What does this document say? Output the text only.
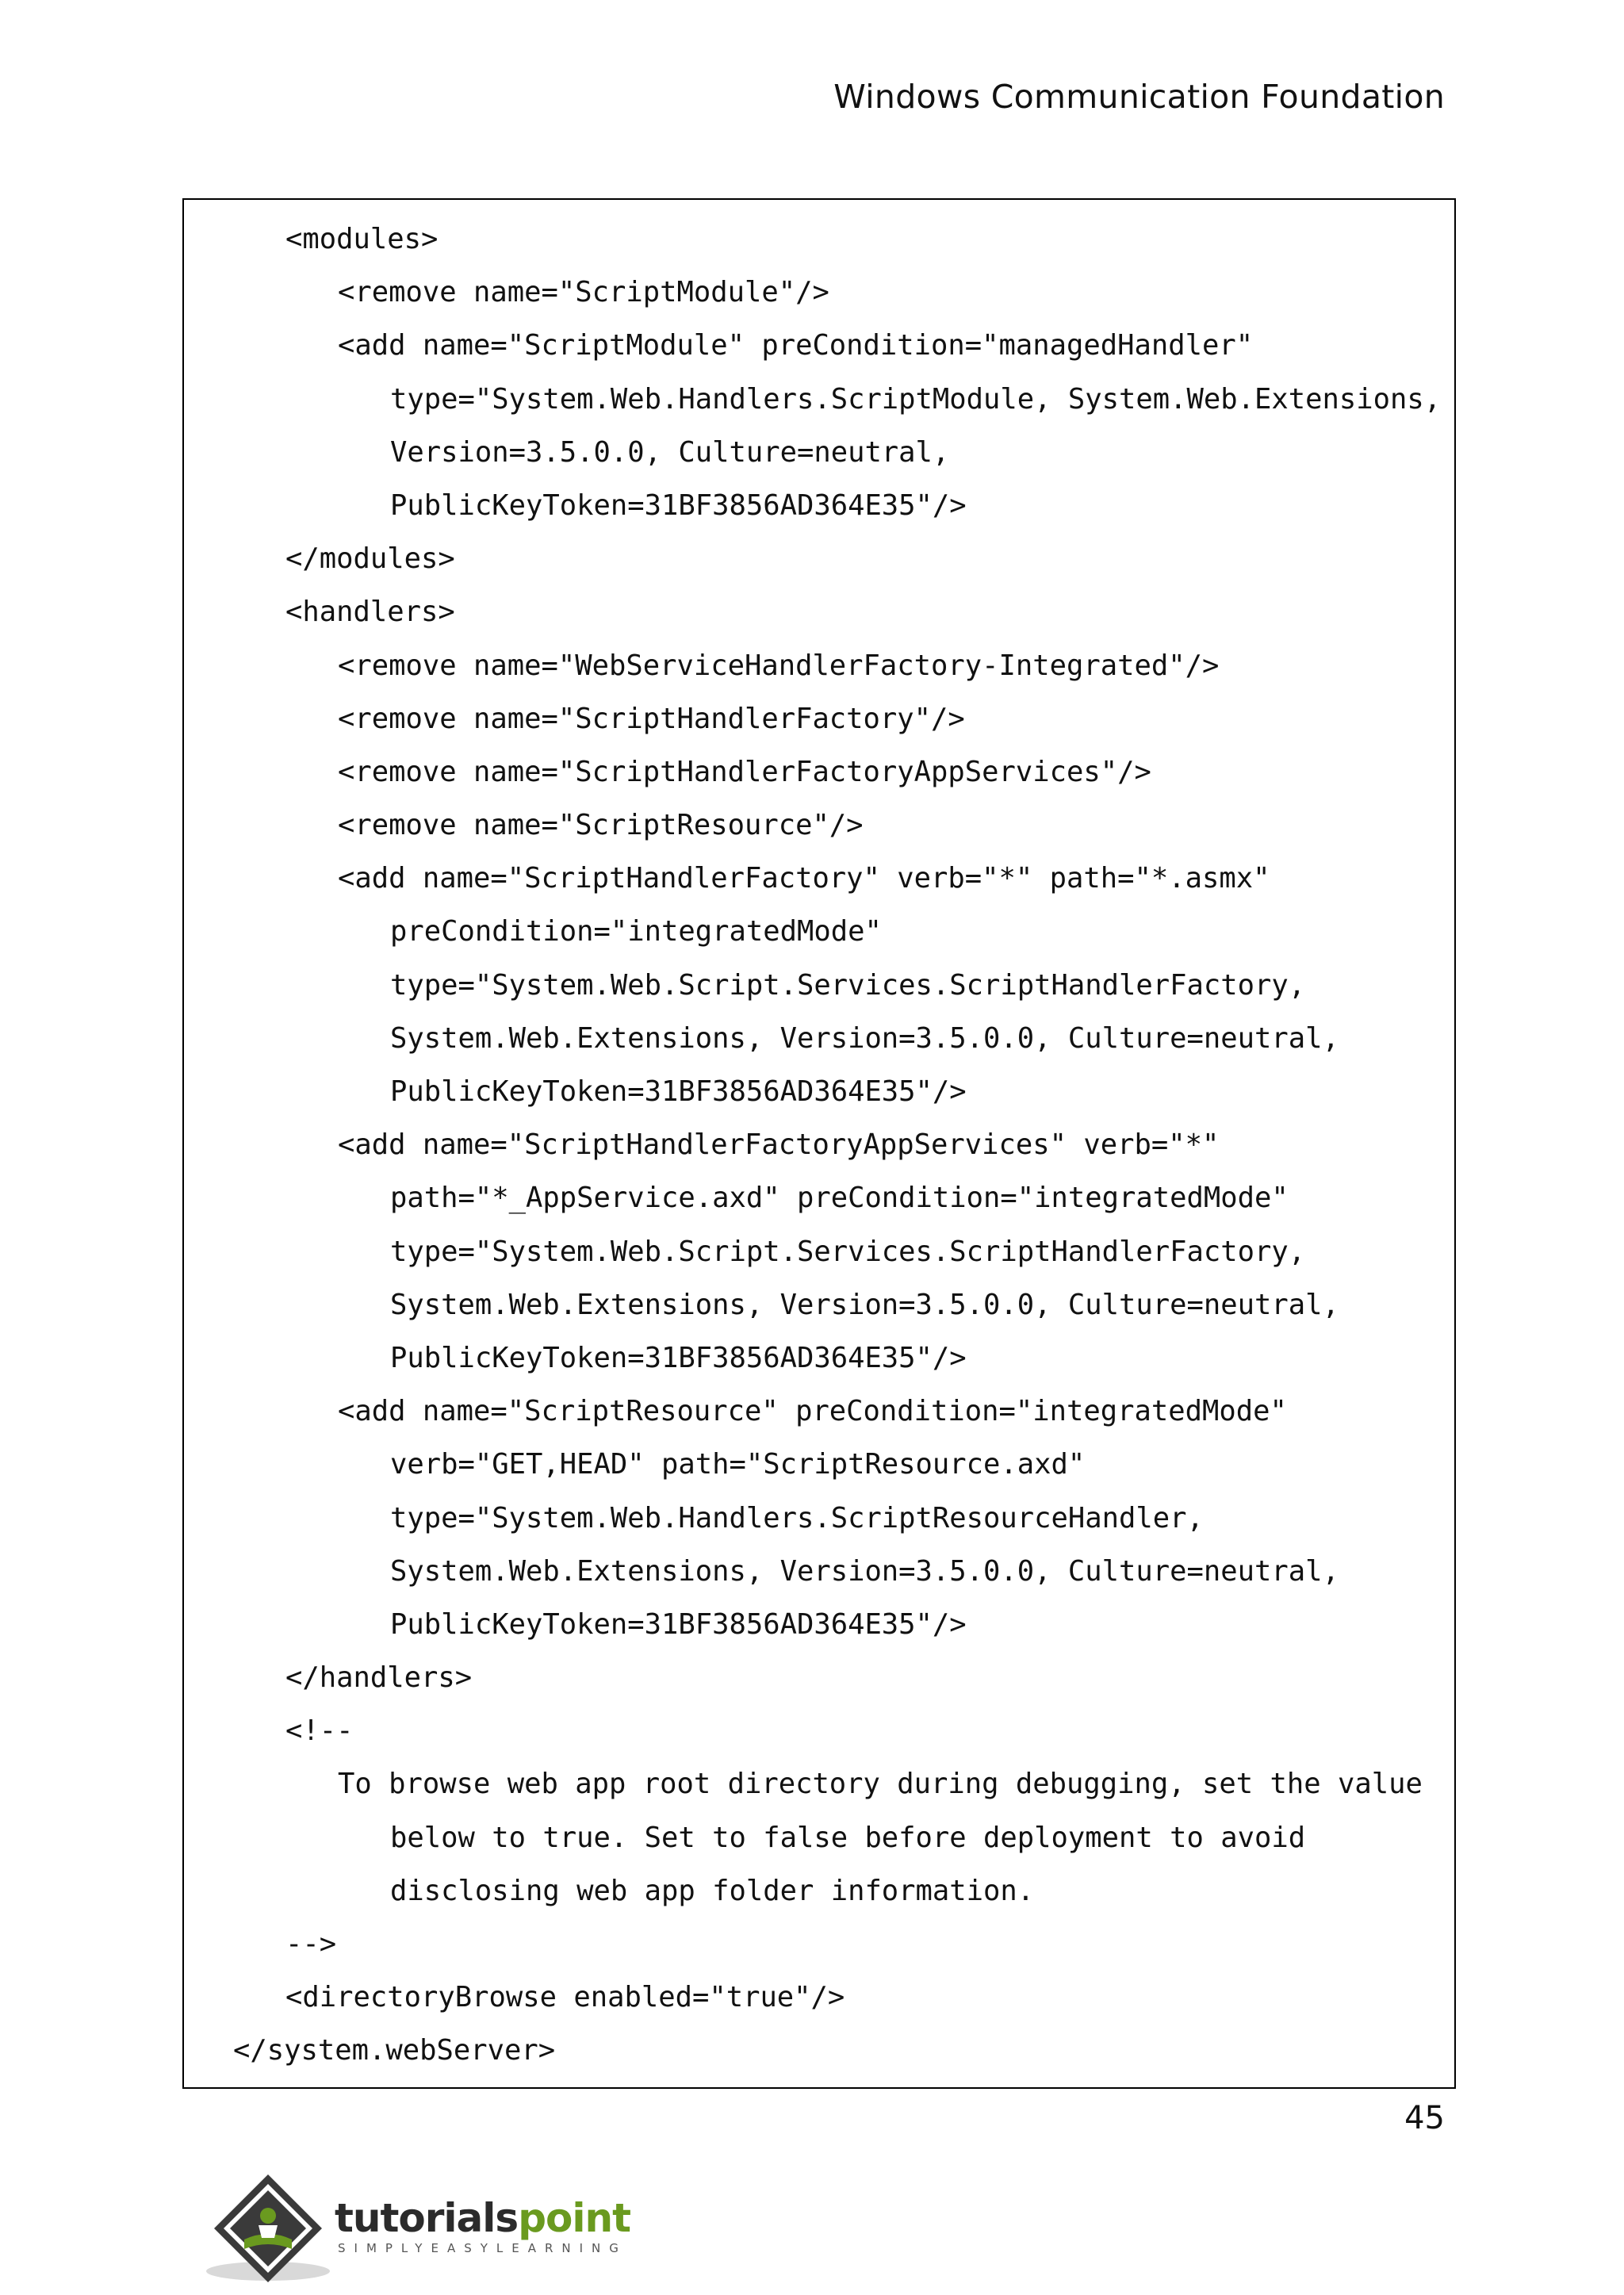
Windows Communication Foundation
<modules>
<remove name="ScriptModule"/>
<add name="ScriptModule" preCondition="managedHandler"
type="System.Web.Handlers.ScriptModule, System.Web.Extensions,
Version=3.5.0.0, Culture=neutral,
PublicKeyToken=31BF3856AD364E35"/>
</modules>
<handlers>
<remove name="WebServiceHandlerFactory-Integrated"/>
<remove name="ScriptHandlerFactory"/>
<remove name="ScriptHandlerFactoryAppServices"/>
<remove name="ScriptResource"/>
<add name="ScriptHandlerFactory" verb="*" path="*.asmx"
preCondition="integratedMode"
type="System.Web.Script.Services.ScriptHandlerFactory,
System.Web.Extensions, Version=3.5.0.0, Culture=neutral,
PublicKeyToken=31BF3856AD364E35"/>
<add name="ScriptHandlerFactoryAppServices" verb="*"
path="*_AppService.axd" preCondition="integratedMode"
type="System.Web.Script.Services.ScriptHandlerFactory,
System.Web.Extensions, Version=3.5.0.0, Culture=neutral,
PublicKeyToken=31BF3856AD364E35"/>
<add name="ScriptResource" preCondition="integratedMode"
verb="GET,HEAD" path="ScriptResource.axd"
type="System.Web.Handlers.ScriptResourceHandler,
System.Web.Extensions, Version=3.5.0.0, Culture=neutral,
PublicKeyToken=31BF3856AD364E35"/>
</handlers>
<!--
To browse web app root directory during debugging, set the value
below to true. Set to false before deployment to avoid
disclosing web app folder information.
-->
<directoryBrowse enabled="true"/>
</system.webServer>
45
tutorialspoint
SIMPLYEASYLEARNING
